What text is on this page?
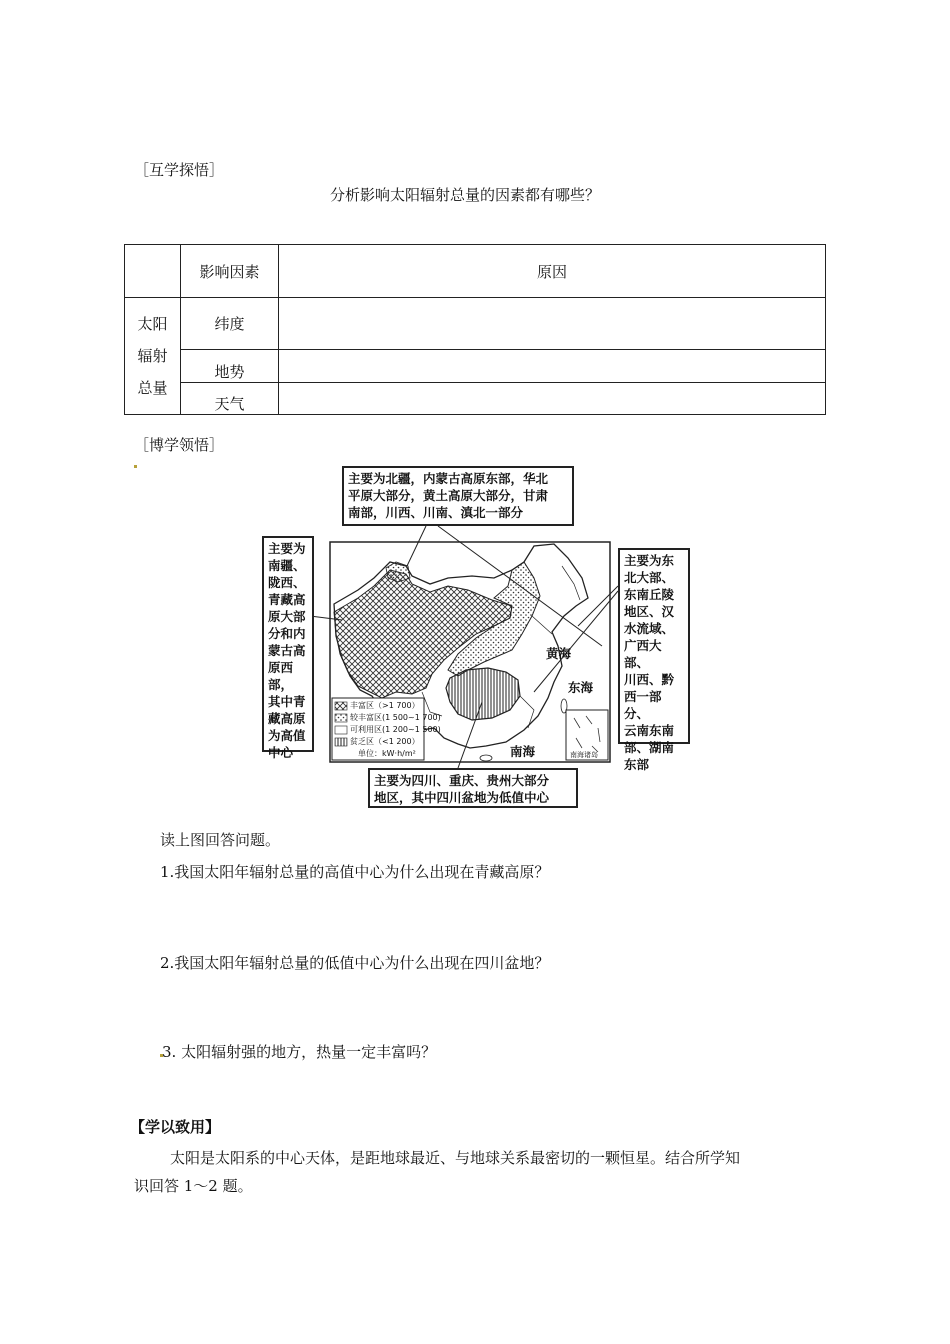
［互学探悟］
分析影响太阳辐射总量的因素都有哪些？
	影响因素	原因

太阳
辐射
总量	纬度	
	地势	
	天气	
［博学领悟］
丰富区（>1 700）
较丰富区(1 500~1 700)
可利用区(1 200~1 500)
贫乏区（<1 200）
单位：kW·h/m²	南海诸岛
黄海
东海
南海
主要为北疆，内蒙古高原东部，华北
平原大部分，黄土高原大部分，甘肃
南部，川西、川南、滇北一部分
主要为
南疆、
陇西、
青藏高
原大部
分和内
蒙古高
原西部，
其中青
藏高原
为高值
中心
主要为东
北大部、
东南丘陵
地区、汉
水流域、
广西大部、
川西、黔
西一部分、
云南东南
部、湖南
东部
主要为四川、重庆、贵州大部分
地区，其中四川盆地为低值中心
读上图回答问题。
1.我国太阳年辐射总量的高值中心为什么出现在青藏高原？
2.我国太阳年辐射总量的低值中心为什么出现在四川盆地？
3. 太阳辐射强的地方，热量一定丰富吗？
【学以致用】
太阳是太阳系的中心天体，是距地球最近、与地球关系最密切的一颗恒星。结合所学知
识回答 1～2 题。
